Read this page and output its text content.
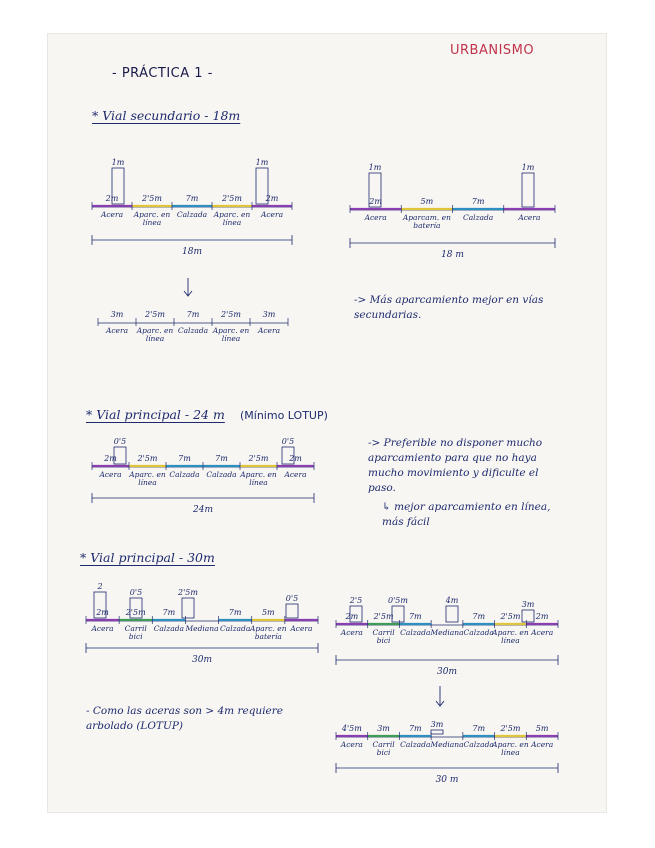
URBANISMO
- PRÁCTICA 1 -
* Vial secundario - 18m
* Vial principal - 24 m (Mínimo LOTUP)
* Vial principal - 30m
-> Más aparcamiento mejor en vías secundarias.
-> Preferible no disponer mucho aparcamiento para que no haya mucho movimiento y dificulte el paso.
↳ mejor aparcamiento en línea, más fácil
- Como las aceras son > 4m requiere arbolado (LOTUP)
2m
Acera
2'5m
Aparc. en
línea
7m
Calzada
2'5m
Aparc. en
línea
2m
Acera
1m	1m
18m
2m
Acera
5m
Aparcam. en
batería
7m
Calzada	Acera
1m	1m
18 m
3m
Acera
2'5m
Aparc. en
línea
7m
Calzada
2'5m
Aparc. en
línea
3m
Acera
2m
Acera
2'5m
Aparc. en
línea
7m
Calzada
7m
Calzada
2'5m
Aparc. en
línea
2m
Acera
0'5	0'5
24m
2m
Acera
2'5m
Carril
bici
7m
Calzada Mediana
7m
Calzada
5m
Aparc. en
batería
Acera
2
0'5	2'5m
0'5
30m
2m
Acera
2'5m
Carril
bici
7m
Calzada Mediana
7m
Calzada
2'5m
Aparc. en
línea
2m
Acera
2'5	0'5m	4m	3m
30m
4'5m
Acera
3m
Carril
bici
7m
Calzada Mediana
7m
Calzada
2'5m
Aparc. en
línea
5m
Acera
3m
30 m
